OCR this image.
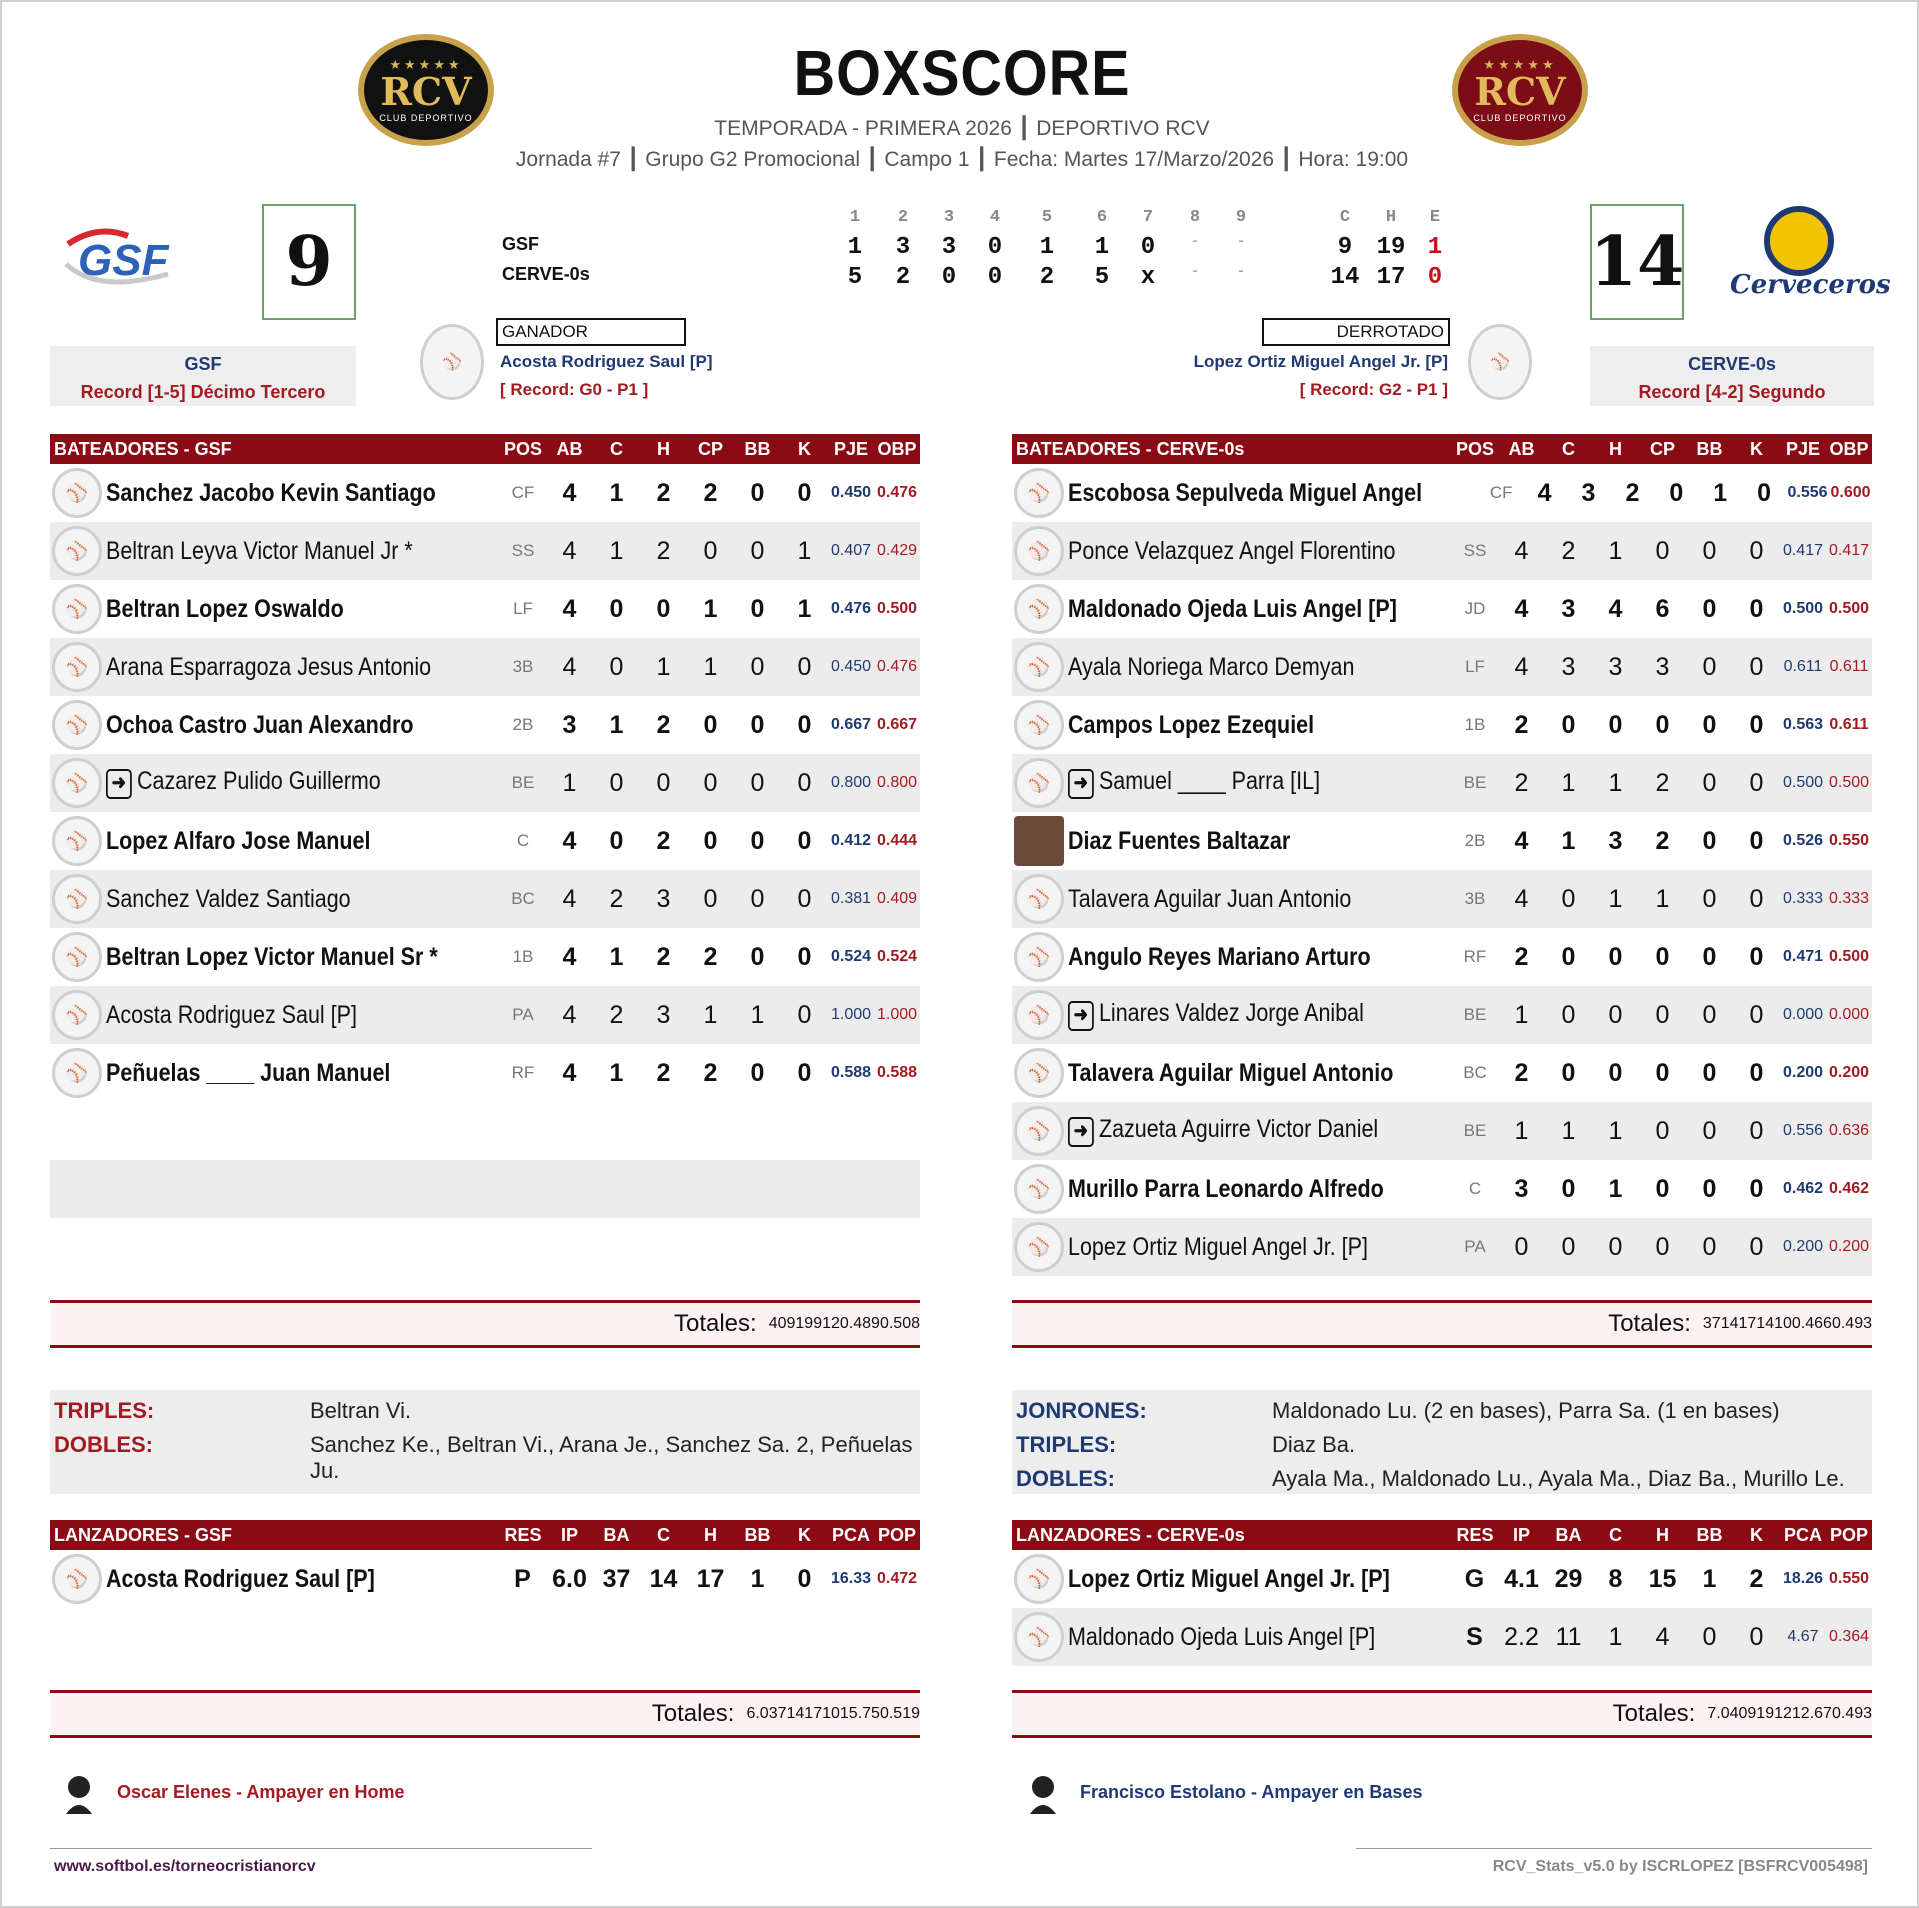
★★★★★
RCV
CLUB DEPORTIVO
★★★★★
RCV
CLUB DEPORTIVO
BOXSCORE
TEMPORADA - PRIMERA 2026 ┃ DEPORTIVO RCV
Jornada #7 ┃ Grupo G2 Promocional ┃ Campo 1 ┃ Fecha: Martes 17/Marzo/2026 ┃ Hora: 19:00
GSF	Cerveceros
9	14
1	2	3	4	5	6	7	8	9	C	H	E
GSF	1	3	3	0	1	1	0	-	-	9	19 1
CERVE-0s	5	2	0	0	2	5	x	-	-	14 17 0
GSF
Record [1-5] Décimo Tercero
CERVE-0s
Record [4-2] Segundo
⚾
GANADOR
Acosta Rodriguez Saul [P]
[ Record: G0 - P1 ]
⚾
DERROTADO
Lopez Ortiz Miguel Angel Jr. [P]
[ Record: G2 - P1 ]
BATEADORES - GSF	POS AB	C	H	CP	BB	K	PJE OBP
⚾ Sanchez Jacobo Kevin Santiago	CF	4	1	2	2	0	0	0.450 0.476
⚾ Beltran Leyva Victor Manuel Jr *	SS	4	1	2	0	0	1	0.407 0.429
⚾ Beltran Lopez Oswaldo	LF	4	0	0	1	0	1	0.476 0.500
⚾ Arana Esparragoza Jesus Antonio	3B	4	0	1	1	0	0	0.450 0.476
⚾ Ochoa Castro Juan Alexandro	2B	3	1	2	0	0	0	0.667 0.667
⚾	➜ Cazarez Pulido Guillermo	BE	1	0	0	0	0	0	0.800 0.800
⚾ Lopez Alfaro Jose Manuel	C	4	0	2	0	0	0	0.412 0.444
⚾ Sanchez Valdez Santiago	BC	4	2	3	0	0	0	0.381 0.409
⚾ Beltran Lopez Victor Manuel Sr *	1B	4	1	2	2	0	0	0.524 0.524
⚾ Acosta Rodriguez Saul [P]	PA	4	2	3	1	1	0	1.000 1.000
⚾ Peñuelas ____ Juan Manuel	RF	4	1	2	2	0	0	0.588 0.588
Totales: 40 9 19 9 1 2 0.489 0.508
BATEADORES - CERVE-0s	POS AB	C	H	CP	BB	K	PJE OBP
⚾ Escobosa Sepulveda Miguel Angel	CF	4	3	2	0	1	0	0.556 0.600
⚾ Ponce Velazquez Angel Florentino	SS	4	2	1	0	0	0	0.417 0.417
⚾ Maldonado Ojeda Luis Angel [P]	JD	4	3	4	6	0	0	0.500 0.500
⚾ Ayala Noriega Marco Demyan	LF	4	3	3	3	0	0	0.611 0.611
⚾ Campos Lopez Ezequiel	1B	2	0	0	0	0	0	0.563 0.611
⚾	➜ Samuel ____ Parra [IL]	BE	2	1	1	2	0	0	0.500 0.500
Diaz Fuentes Baltazar	2B	4	1	3	2	0	0	0.526 0.550
⚾ Talavera Aguilar Juan Antonio	3B	4	0	1	1	0	0	0.333 0.333
⚾ Angulo Reyes Mariano Arturo	RF	2	0	0	0	0	0	0.471 0.500
⚾	➜ Linares Valdez Jorge Anibal	BE	1	0	0	0	0	0	0.000 0.000
⚾ Talavera Aguilar Miguel Antonio	BC	2	0	0	0	0	0	0.200 0.200
⚾	➜ Zazueta Aguirre Victor Daniel	BE	1	1	1	0	0	0	0.556 0.636
⚾ Murillo Parra Leonardo Alfredo	C	3	0	1	0	0	0	0.462 0.462
⚾ Lopez Ortiz Miguel Angel Jr. [P]	PA	0	0	0	0	0	0	0.200 0.200
Totales: 37 14 17 14 1 0 0.466 0.493
TRIPLES:	Beltran Vi.
DOBLES:	Sanchez Ke., Beltran Vi., Arana Je., Sanchez Sa. 2, Peñuelas Ju.
JONRONES:	Maldonado Lu. (2 en bases), Parra Sa. (1 en bases)
TRIPLES:	Diaz Ba.
DOBLES:	Ayala Ma., Maldonado Lu., Ayala Ma., Diaz Ba., Murillo Le.
LANZADORES - GSF	RES	IP	BA	C	H	BB	K	PCA POP
⚾ Acosta Rodriguez Saul [P]	P 6.0 37 14 17	1	0	16.33 0.472
Totales: 6.0 37 14 17 1 0 15.75 0.519
LANZADORES - CERVE-0s	RES	IP	BA	C	H	BB	K	PCA POP
⚾ Lopez Ortiz Miguel Angel Jr. [P]	G 4.1 29	8	15	1	2	18.26 0.550
⚾ Maldonado Ojeda Luis Angel [P]	S 2.2 11	1	4	0	0	4.67 0.364
Totales: 7.0 40 9 19 1 2 12.67 0.493
Oscar Elenes - Ampayer en Home	Francisco Estolano - Ampayer en Bases
www.softbol.es/torneocristianorcv	RCV_Stats_v5.0 by ISCRLOPEZ [BSFRCV005498]
